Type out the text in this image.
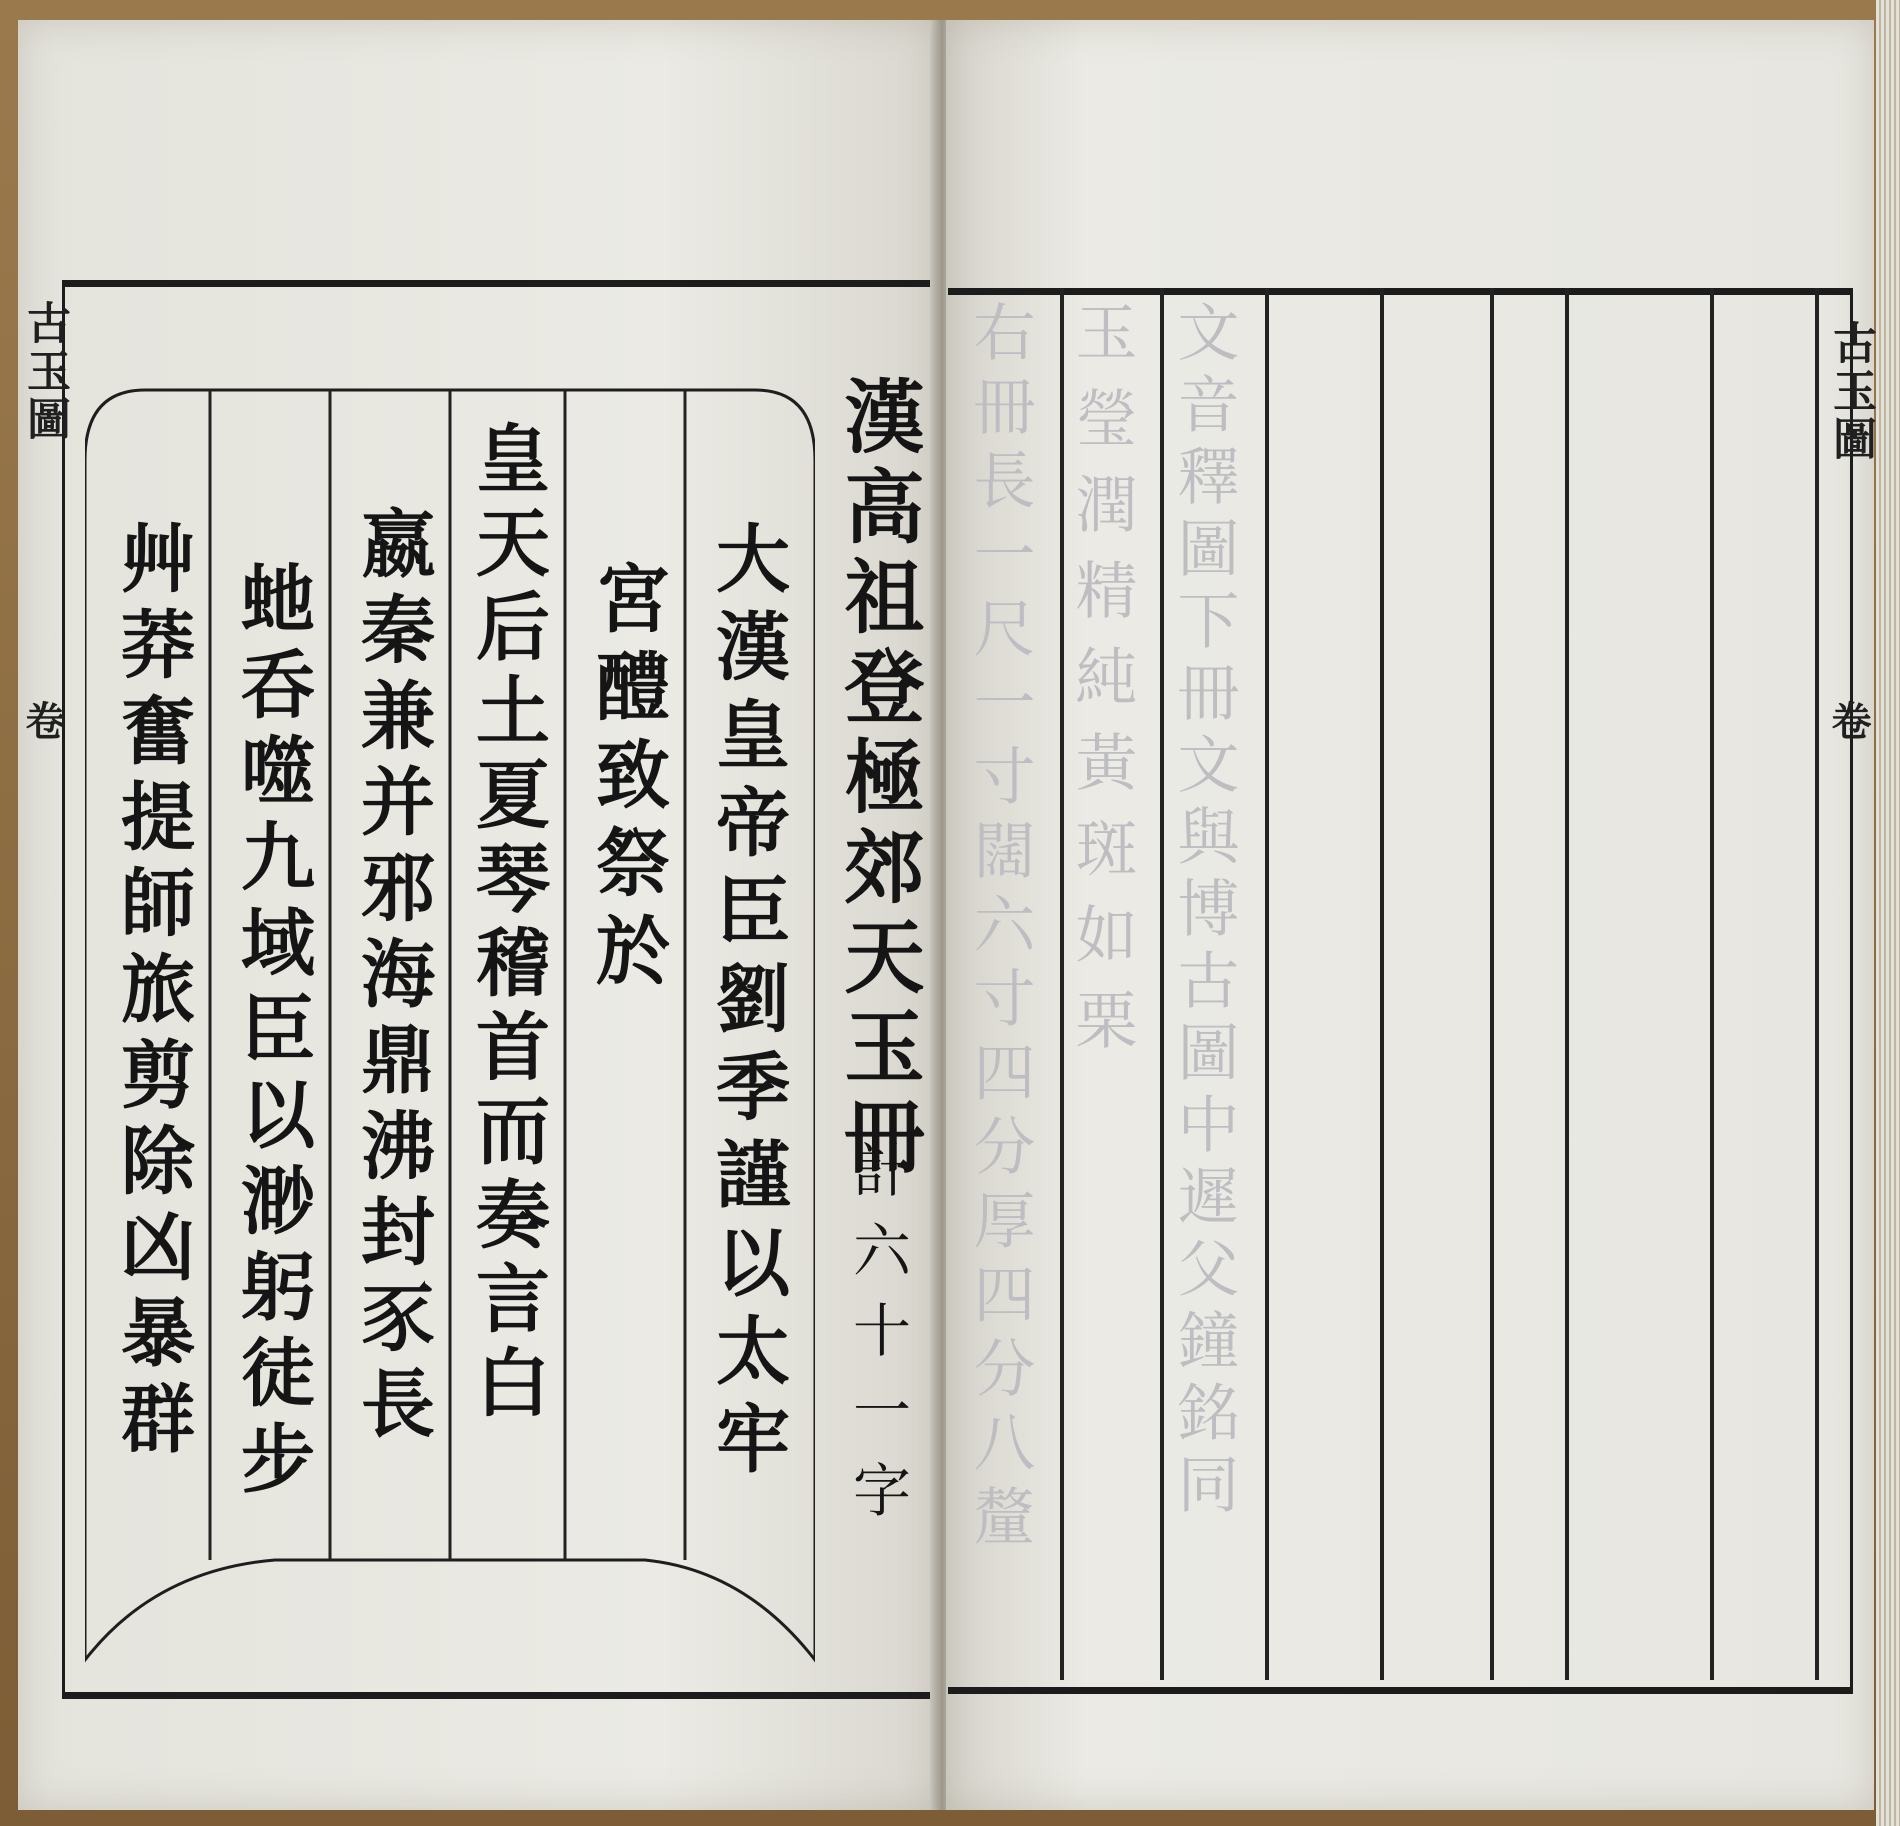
古玉圖
卷	大漢皇帝臣劉季謹以太牢
宮醴致祭於
皇天后土夏琴稽首而奏言白
嬴秦兼并邪海鼎沸封豕長
虵呑噬九域臣以渺躬徒步
艸莽奮提師旅剪除凶暴群	漢高祖登極郊天玉冊
計六十一字 右冊長一尺一寸闊六寸四分厚四分八釐 玉瑩潤精純黃斑如栗 文音釋圖下冊文與博古圖中遲父鐘銘同	古玉圖
卷
